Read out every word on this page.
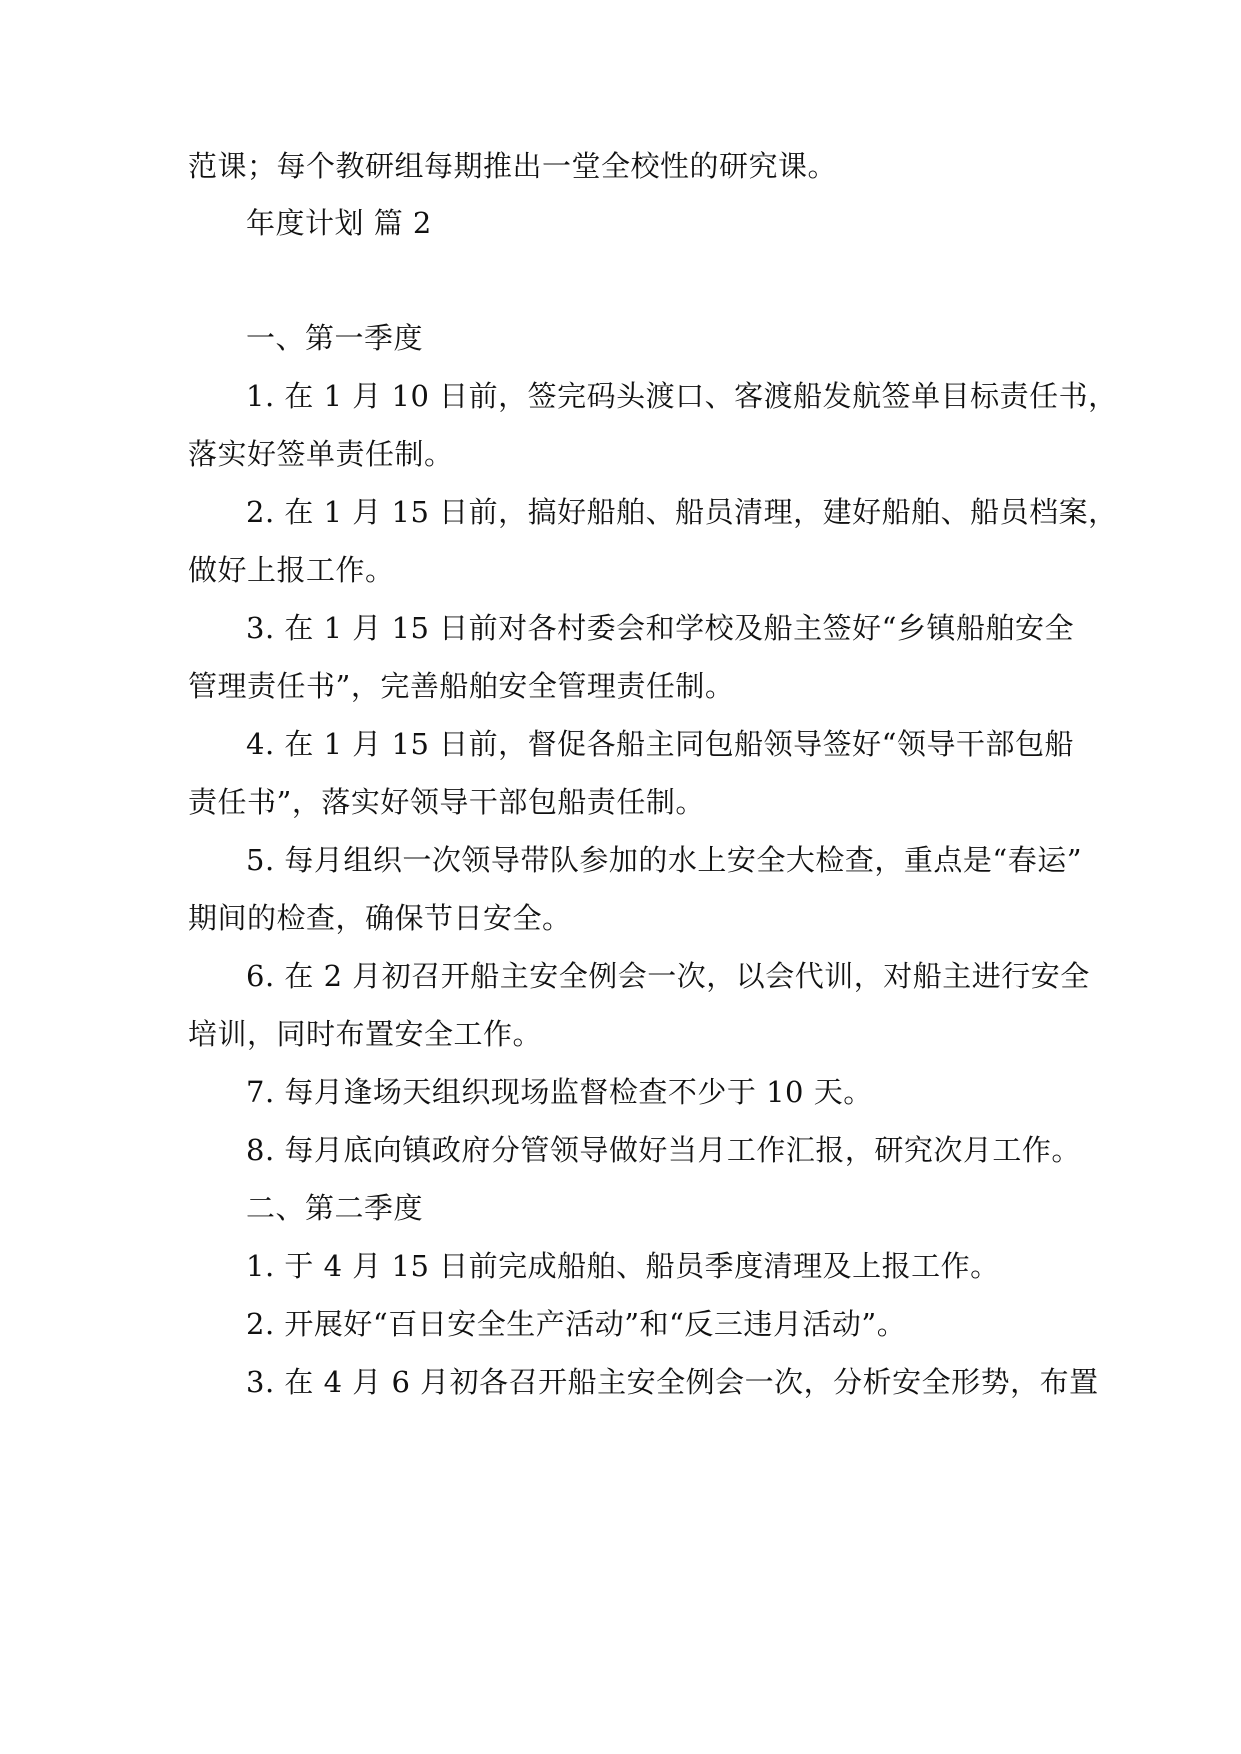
范课；每个教研组每期推出一堂全校性的研究课。
年度计划 篇 2
一、第一季度
1. 在 1 月 10 日前，签完码头渡口、客渡船发航签单目标责任书，
落实好签单责任制。
2. 在 1 月 15 日前，搞好船舶、船员清理，建好船舶、船员档案，
做好上报工作。
3. 在 1 月 15 日前对各村委会和学校及船主签好“乡镇船舶安全
管理责任书”，完善船舶安全管理责任制。
4. 在 1 月 15 日前，督促各船主同包船领导签好“领导干部包船
责任书”，落实好领导干部包船责任制。
5. 每月组织一次领导带队参加的水上安全大检查，重点是“春运”
期间的检查，确保节日安全。
6. 在 2 月初召开船主安全例会一次，以会代训，对船主进行安全
培训，同时布置安全工作。
7. 每月逢场天组织现场监督检查不少于 10 天。
8. 每月底向镇政府分管领导做好当月工作汇报，研究次月工作。
二、第二季度
1. 于 4 月 15 日前完成船舶、船员季度清理及上报工作。
2. 开展好“百日安全生产活动”和“反三违月活动”。
3. 在 4 月 6 月初各召开船主安全例会一次，分析安全形势，布置
